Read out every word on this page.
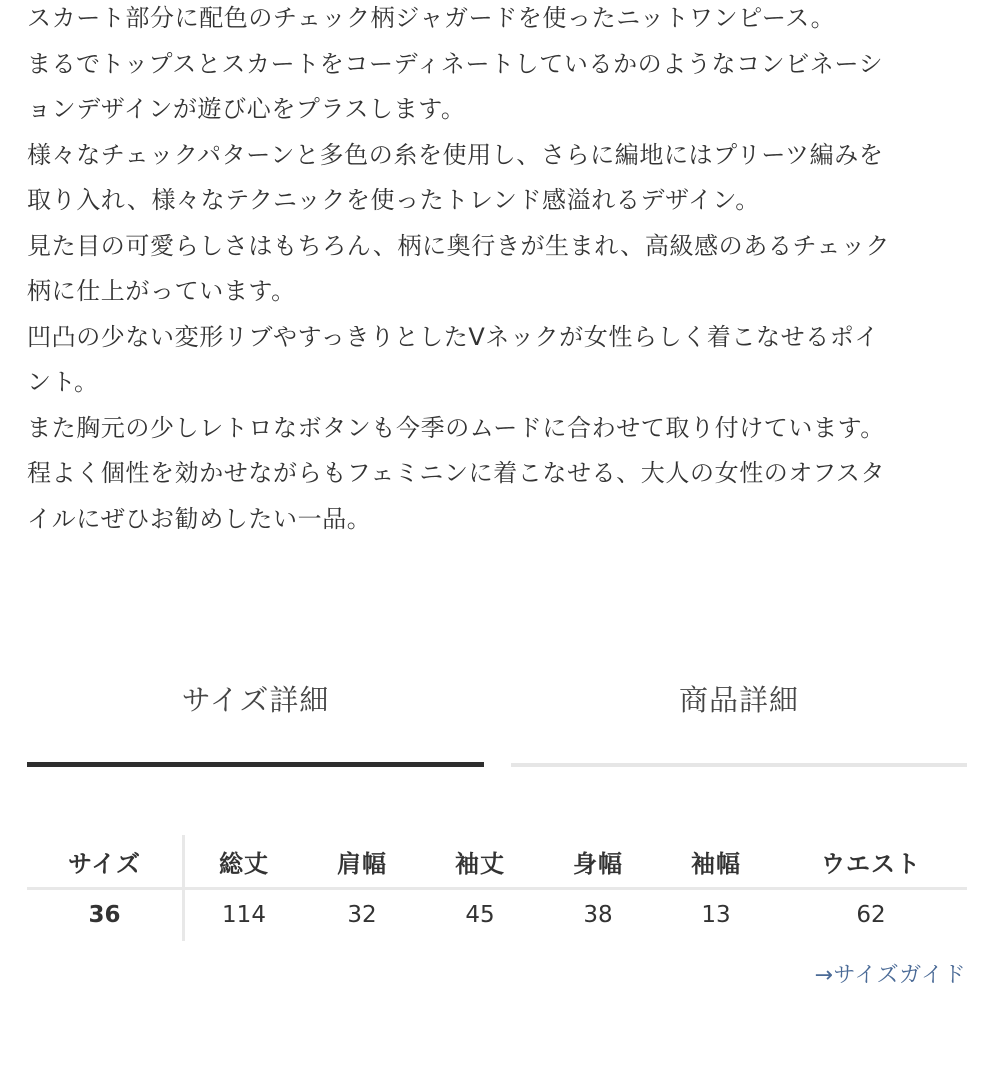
スカート部分に配色のチェック柄ジャガードを使ったニットワンピース。
まるでトップスとスカートをコーディネートしているかのようなコンビネーシ
ョンデザインが遊び心をプラスします。
様々なチェックパターンと多色の糸を使用し、さらに編地にはプリーツ編みを
取り入れ、様々なテクニックを使ったトレンド感溢れるデザイン。
見た目の可愛らしさはもちろん、柄に奥行きが生まれ、高級感のあるチェック
柄に仕上がっています。
凹凸の少ない変形リブやすっきりとしたVネックが女性らしく着こなせるポイ
ント。
また胸元の少しレトロなボタンも今季のムードに合わせて取り付けています。
程よく個性を効かせながらもフェミニンに着こなせる、大人の女性のオフスタ
イルにぜひお勧めしたい一品。
サイズ詳細	商品詳細
サイズ	総丈	肩幅	袖丈	身幅	袖幅	ウエスト
36	114	32	45	38	13	62
→サイズガイド
